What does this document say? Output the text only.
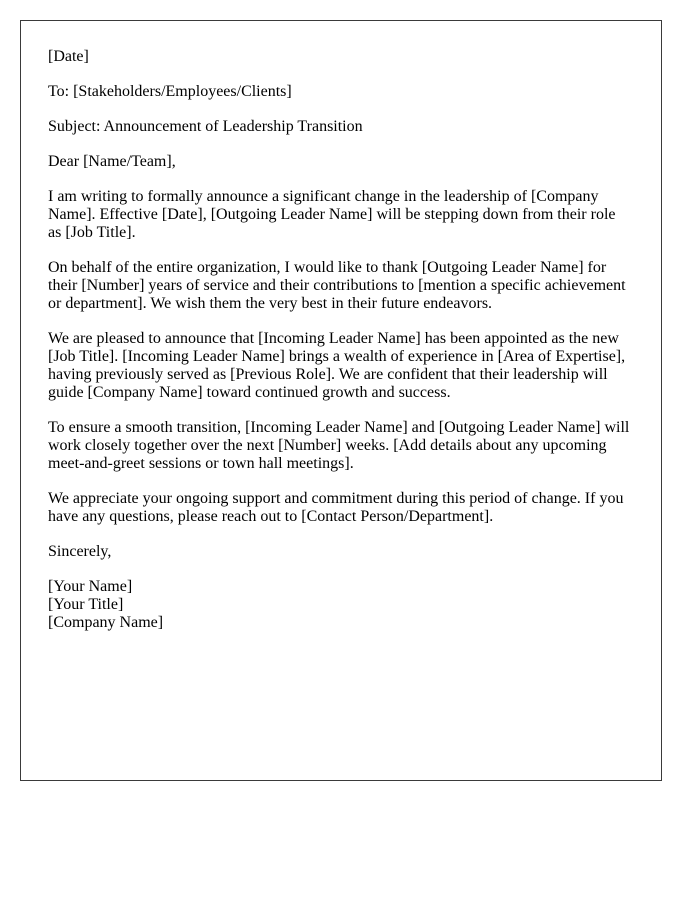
[Date]

To: [Stakeholders/Employees/Clients]

Subject: Announcement of Leadership Transition

Dear [Name/Team],

I am writing to formally announce a significant change in the leadership of [Company Name]. Effective [Date], [Outgoing Leader Name] will be stepping down from their role as [Job Title].

On behalf of the entire organization, I would like to thank [Outgoing Leader Name] for their [Number] years of service and their contributions to [mention a specific achievement or department]. We wish them the very best in their future endeavors.

We are pleased to announce that [Incoming Leader Name] has been appointed as the new [Job Title]. [Incoming Leader Name] brings a wealth of experience in [Area of Expertise], having previously served as [Previous Role]. We are confident that their leadership will guide [Company Name] toward continued growth and success.

To ensure a smooth transition, [Incoming Leader Name] and [Outgoing Leader Name] will work closely together over the next [Number] weeks. [Add details about any upcoming meet-and-greet sessions or town hall meetings].

We appreciate your ongoing support and commitment during this period of change. If you have any questions, please reach out to [Contact Person/Department].

Sincerely,

[Your Name]
[Your Title]
[Company Name]
